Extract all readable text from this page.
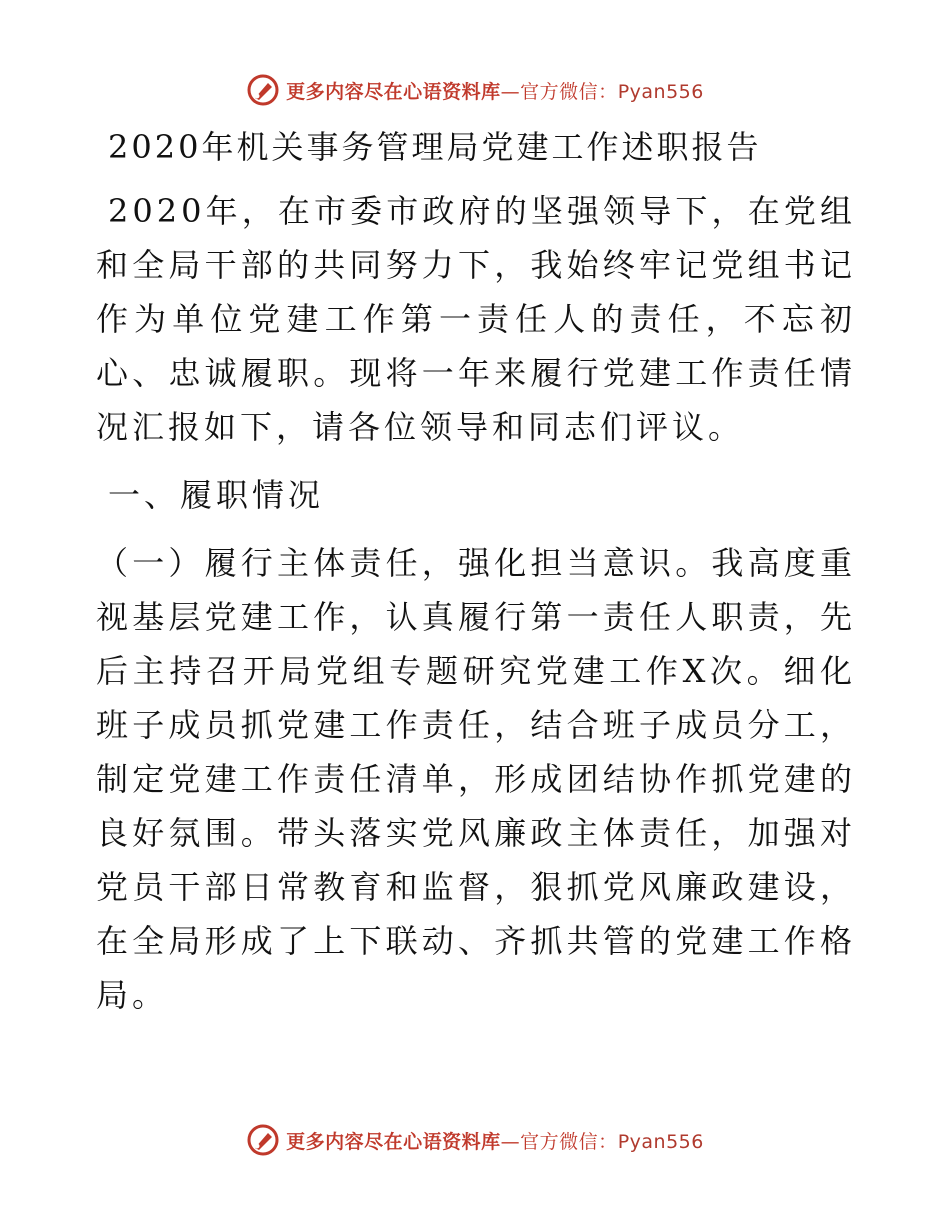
更多内容尽在心语资料库—官方微信：Pyan556
2020年机关事务管理局党建工作述职报告

2020年，在市委市政府的坚强领导下，在党组和全局干部的共同努力下，我始终牢记党组书记作为单位党建工作第一责任人的责任，不忘初心、忠诚履职。现将一年来履行党建工作责任情况汇报如下，请各位领导和同志们评议。

一、履职情况

（一）履行主体责任，强化担当意识。我高度重视基层党建工作，认真履行第一责任人职责，先后主持召开局党组专题研究党建工作X次。细化班子成员抓党建工作责任，结合班子成员分工，制定党建工作责任清单，形成团结协作抓党建的良好氛围。带头落实党风廉政主体责任，加强对党员干部日常教育和监督，狠抓党风廉政建设，在全局形成了上下联动、齐抓共管的党建工作格局。

更多内容尽在心语资料库—官方微信：Pyan556
